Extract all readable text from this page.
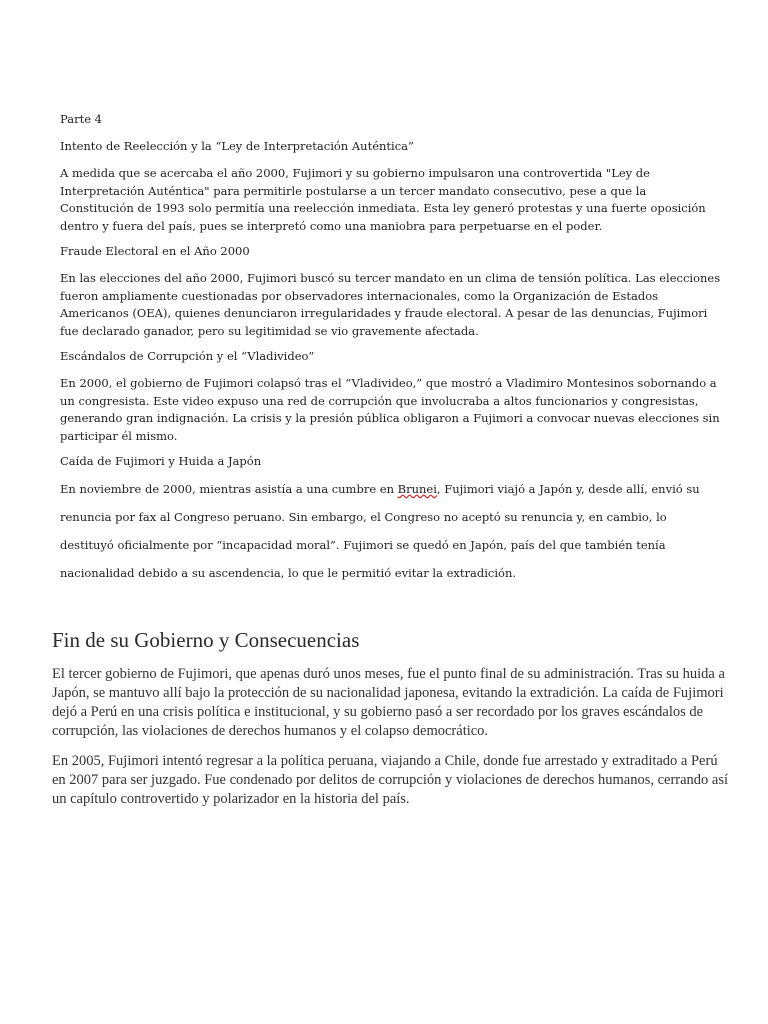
Parte 4
Intento de Reelección y la “Ley de Interpretación Auténtica”

A medida que se acercaba el año 2000, Fujimori y su gobierno impulsaron una controvertida "Ley de Interpretación Auténtica" para permitirle postularse a un tercer mandato consecutivo, pese a que la Constitución de 1993 solo permitía una reelección inmediata. Esta ley generó protestas y una fuerte oposición dentro y fuera del país, pues se interpretó como una maniobra para perpetuarse en el poder.

Fraude Electoral en el Año 2000

En las elecciones del año 2000, Fujimori buscó su tercer mandato en un clima de tensión política. Las elecciones fueron ampliamente cuestionadas por observadores internacionales, como la Organización de Estados Americanos (OEA), quienes denunciaron irregularidades y fraude electoral. A pesar de las denuncias, Fujimori fue declarado ganador, pero su legitimidad se vio gravemente afectada.

Escándalos de Corrupción y el “Vladivideo”

En 2000, el gobierno de Fujimori colapsó tras el “Vladivideo,” que mostró a Vladimiro Montesinos sobornando a un congresista. Este video expuso una red de corrupción que involucraba a altos funcionarios y congresistas, generando gran indignación. La crisis y la presión pública obligaron a Fujimori a convocar nuevas elecciones sin participar él mismo.

Caída de Fujimori y Huida a Japón

En noviembre de 2000, mientras asistía a una cumbre en Brunei, Fujimori viajó a Japón y, desde allí, envió su renuncia por fax al Congreso peruano. Sin embargo, el Congreso no aceptó su renuncia y, en cambio, lo destituyó oficialmente por “incapacidad moral”. Fujimori se quedó en Japón, país del que también tenía nacionalidad debido a su ascendencia, lo que le permitió evitar la extradición.

Fin de su Gobierno y Consecuencias

El tercer gobierno de Fujimori, que apenas duró unos meses, fue el punto final de su administración. Tras su huida a Japón, se mantuvo allí bajo la protección de su nacionalidad japonesa, evitando la extradición. La caída de Fujimori dejó a Perú en una crisis política e institucional, y su gobierno pasó a ser recordado por los graves escándalos de corrupción, las violaciones de derechos humanos y el colapso democrático.

En 2005, Fujimori intentó regresar a la política peruana, viajando a Chile, donde fue arrestado y extraditado a Perú en 2007 para ser juzgado. Fue condenado por delitos de corrupción y violaciones de derechos humanos, cerrando así un capítulo controvertido y polarizador en la historia del país.
